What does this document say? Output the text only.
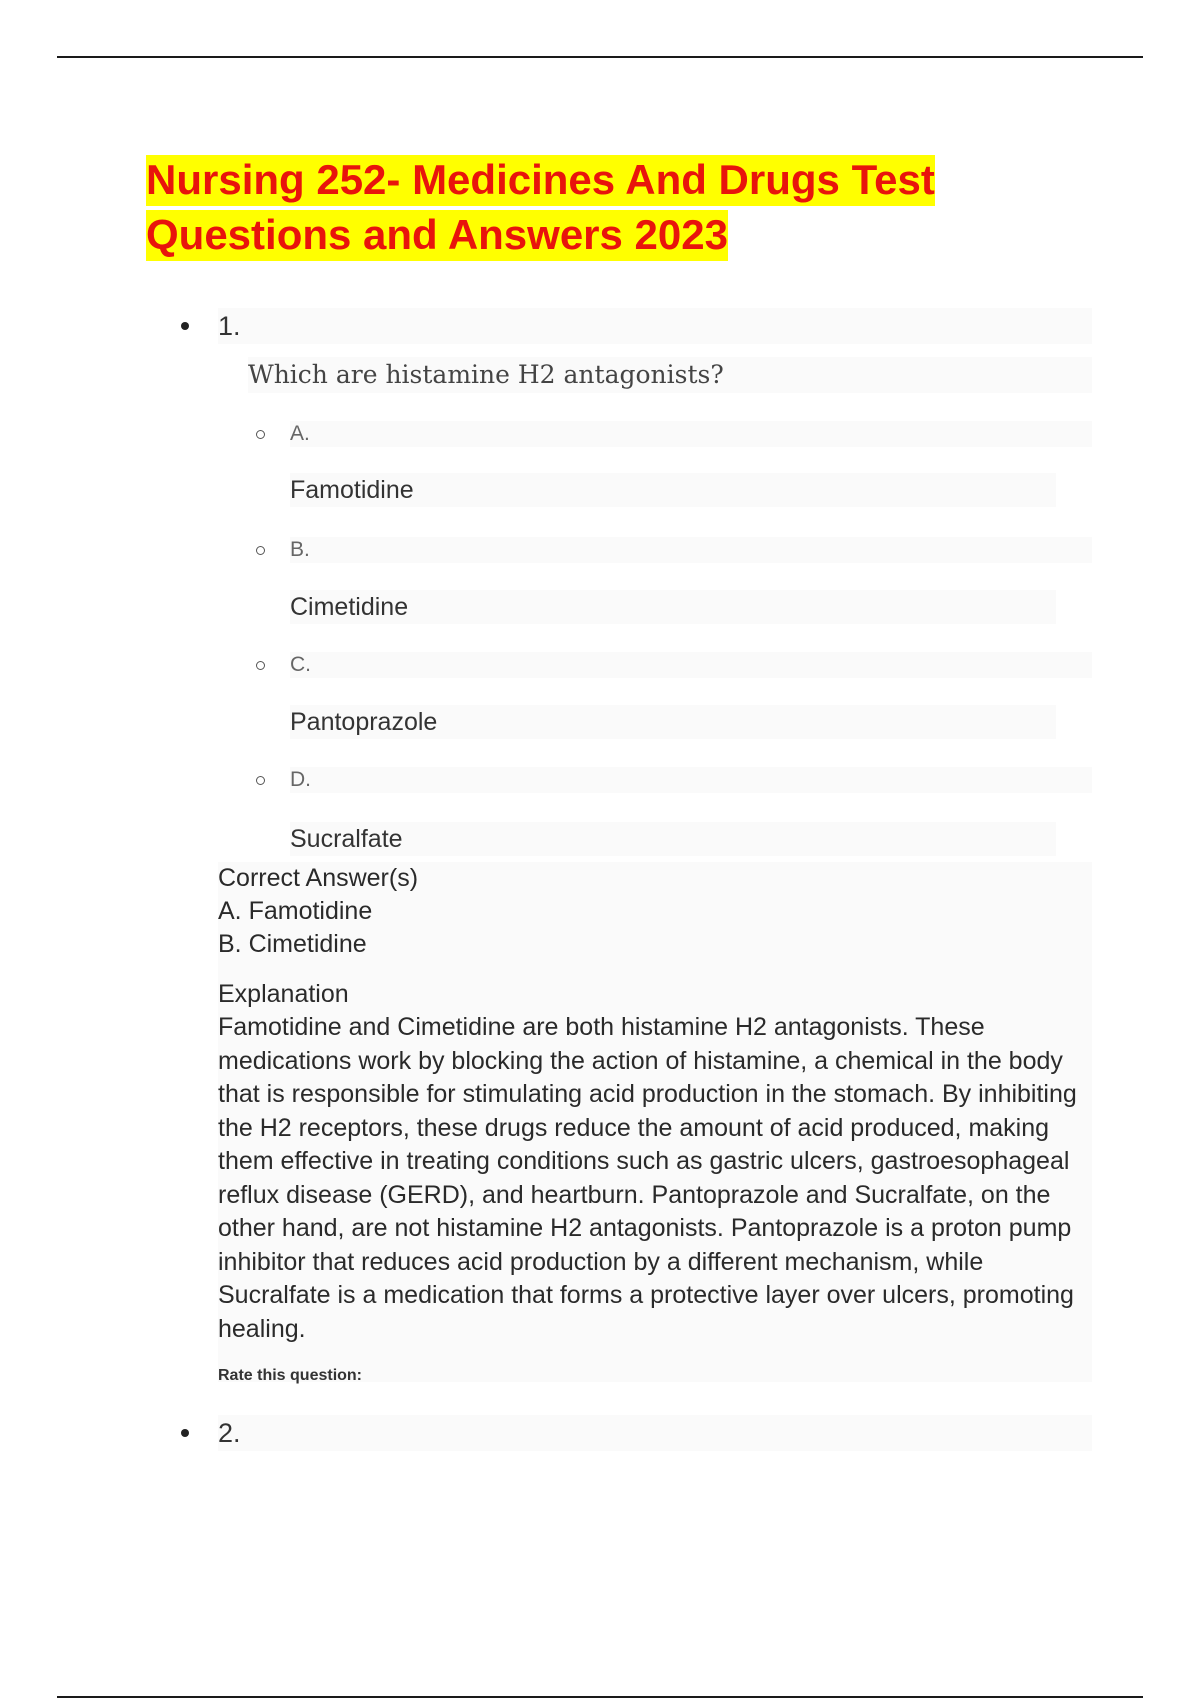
Nursing 252- Medicines And Drugs Test
Questions and Answers 2023
1.
Which are histamine H2 antagonists?
A.
Famotidine
B.
Cimetidine
C.
Pantoprazole
D.
Sucralfate

Correct Answer(s)

A. Famotidine

B. Cimetidine

Explanation

Famotidine and Cimetidine are both histamine H2 antagonists. These medications work by blocking the action of histamine, a chemical in the body that is responsible for stimulating acid production in the stomach. By inhibiting the H2 receptors, these drugs reduce the amount of acid produced, making them effective in treating conditions such as gastric ulcers, gastroesophageal reflux disease (GERD), and heartburn. Pantoprazole and Sucralfate, on the other hand, are not histamine H2 antagonists. Pantoprazole is a proton pump inhibitor that reduces acid production by a different mechanism, while Sucralfate is a medication that forms a protective layer over ulcers, promoting healing.

Rate this question:
2.
